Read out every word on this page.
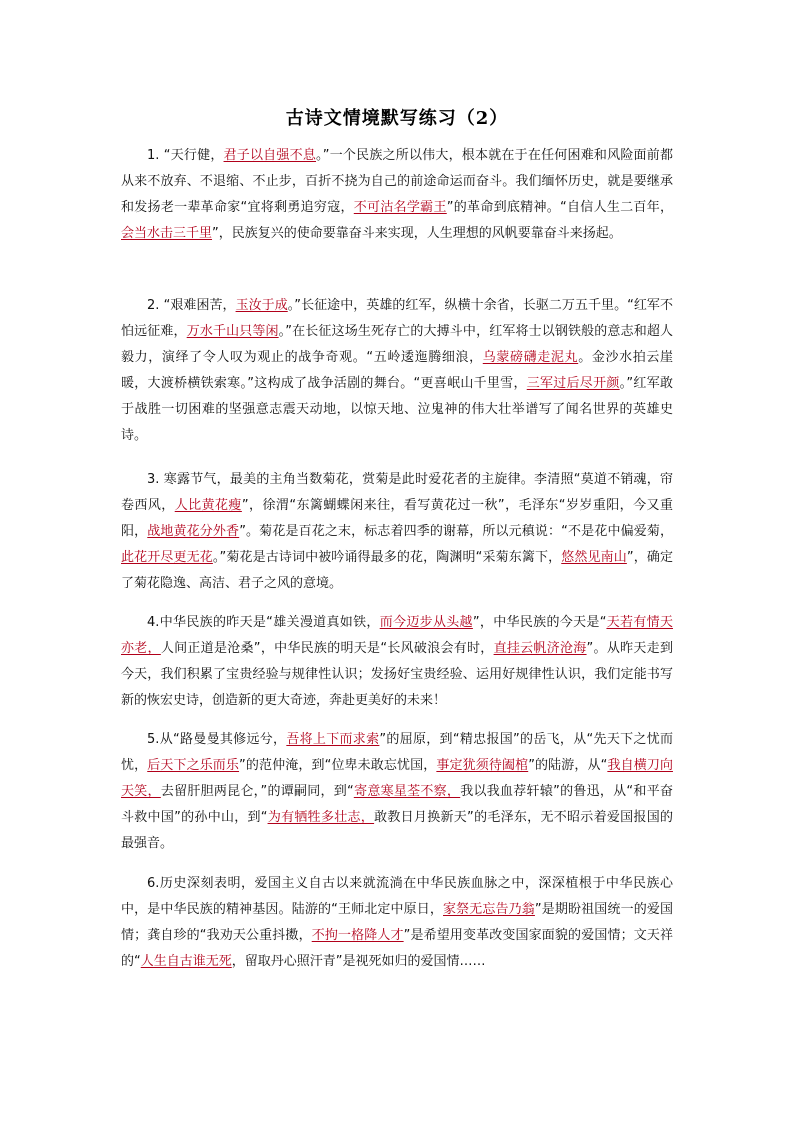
古诗文情境默写练习（2）

1. “天行健，君子以自强不息。”一个民族之所以伟大，根本就在于在任何困难和风险面前都从来不放弃、不退缩、不止步，百折不挠为自己的前途命运而奋斗。我们缅怀历史，就是要继承和发扬老一辈革命家“宜将剩勇追穷寇，不可沽名学霸王”的革命到底精神。“自信人生二百年，会当水击三千里”，民族复兴的使命要靠奋斗来实现，人生理想的风帆要靠奋斗来扬起。

2. “艰难困苦，玉汝于成。”长征途中，英雄的红军，纵横十余省，长驱二万五千里。“红军不怕远征难，万水千山只等闲。”在长征这场生死存亡的大搏斗中，红军将士以钢铁般的意志和超人毅力，演绎了令人叹为观止的战争奇观。“五岭逶迤腾细浪，乌蒙磅礴走泥丸。金沙水拍云崖暖，大渡桥横铁索寒。”这构成了战争活剧的舞台。“更喜岷山千里雪，三军过后尽开颜。”红军敢于战胜一切困难的坚强意志震天动地，以惊天地、泣鬼神的伟大壮举谱写了闻名世界的英雄史诗。

3. 寒露节气，最美的主角当数菊花，赏菊是此时爱花者的主旋律。李清照“莫道不销魂，帘卷西风，人比黄花瘦”，徐渭“东篱蝴蝶闲来往，看写黄花过一秋”，毛泽东“岁岁重阳，今又重阳，战地黄花分外香”。菊花是百花之末，标志着四季的谢幕，所以元稹说：“不是花中偏爱菊，此花开尽更无花。”菊花是古诗词中被吟诵得最多的花，陶渊明“采菊东篱下，悠然见南山”，确定了菊花隐逸、高洁、君子之风的意境。

4.中华民族的昨天是“雄关漫道真如铁，而今迈步从头越”，中华民族的今天是“天若有情天亦老，人间正道是沧桑”，中华民族的明天是“长风破浪会有时，直挂云帆济沧海”。从昨天走到今天，我们积累了宝贵经验与规律性认识；发扬好宝贵经验、运用好规律性认识，我们定能书写新的恢宏史诗，创造新的更大奇迹，奔赴更美好的未来！

5.从“路曼曼其修远兮，吾将上下而求索”的屈原，到“精忠报国”的岳飞，从“先天下之忧而忧，后天下之乐而乐”的范仲淹，到“位卑未敢忘忧国，事定犹须待阖棺”的陆游，从“我自横刀向天笑，去留肝胆两昆仑，”的谭嗣同，到“寄意寒星荃不察，我以我血荐轩辕”的鲁迅，从“和平奋斗救中国”的孙中山，到“为有牺牲多壮志，敢教日月换新天”的毛泽东，无不昭示着爱国报国的最强音。

6.历史深刻表明，爱国主义自古以来就流淌在中华民族血脉之中，深深植根于中华民族心中，是中华民族的精神基因。陆游的“王师北定中原日，家祭无忘告乃翁”是期盼祖国统一的爱国情；龚自珍的“我劝天公重抖擞，不拘一格降人才”是希望用变革改变国家面貌的爱国情；文天祥的“人生自古谁无死，留取丹心照汗青”是视死如归的爱国情……
